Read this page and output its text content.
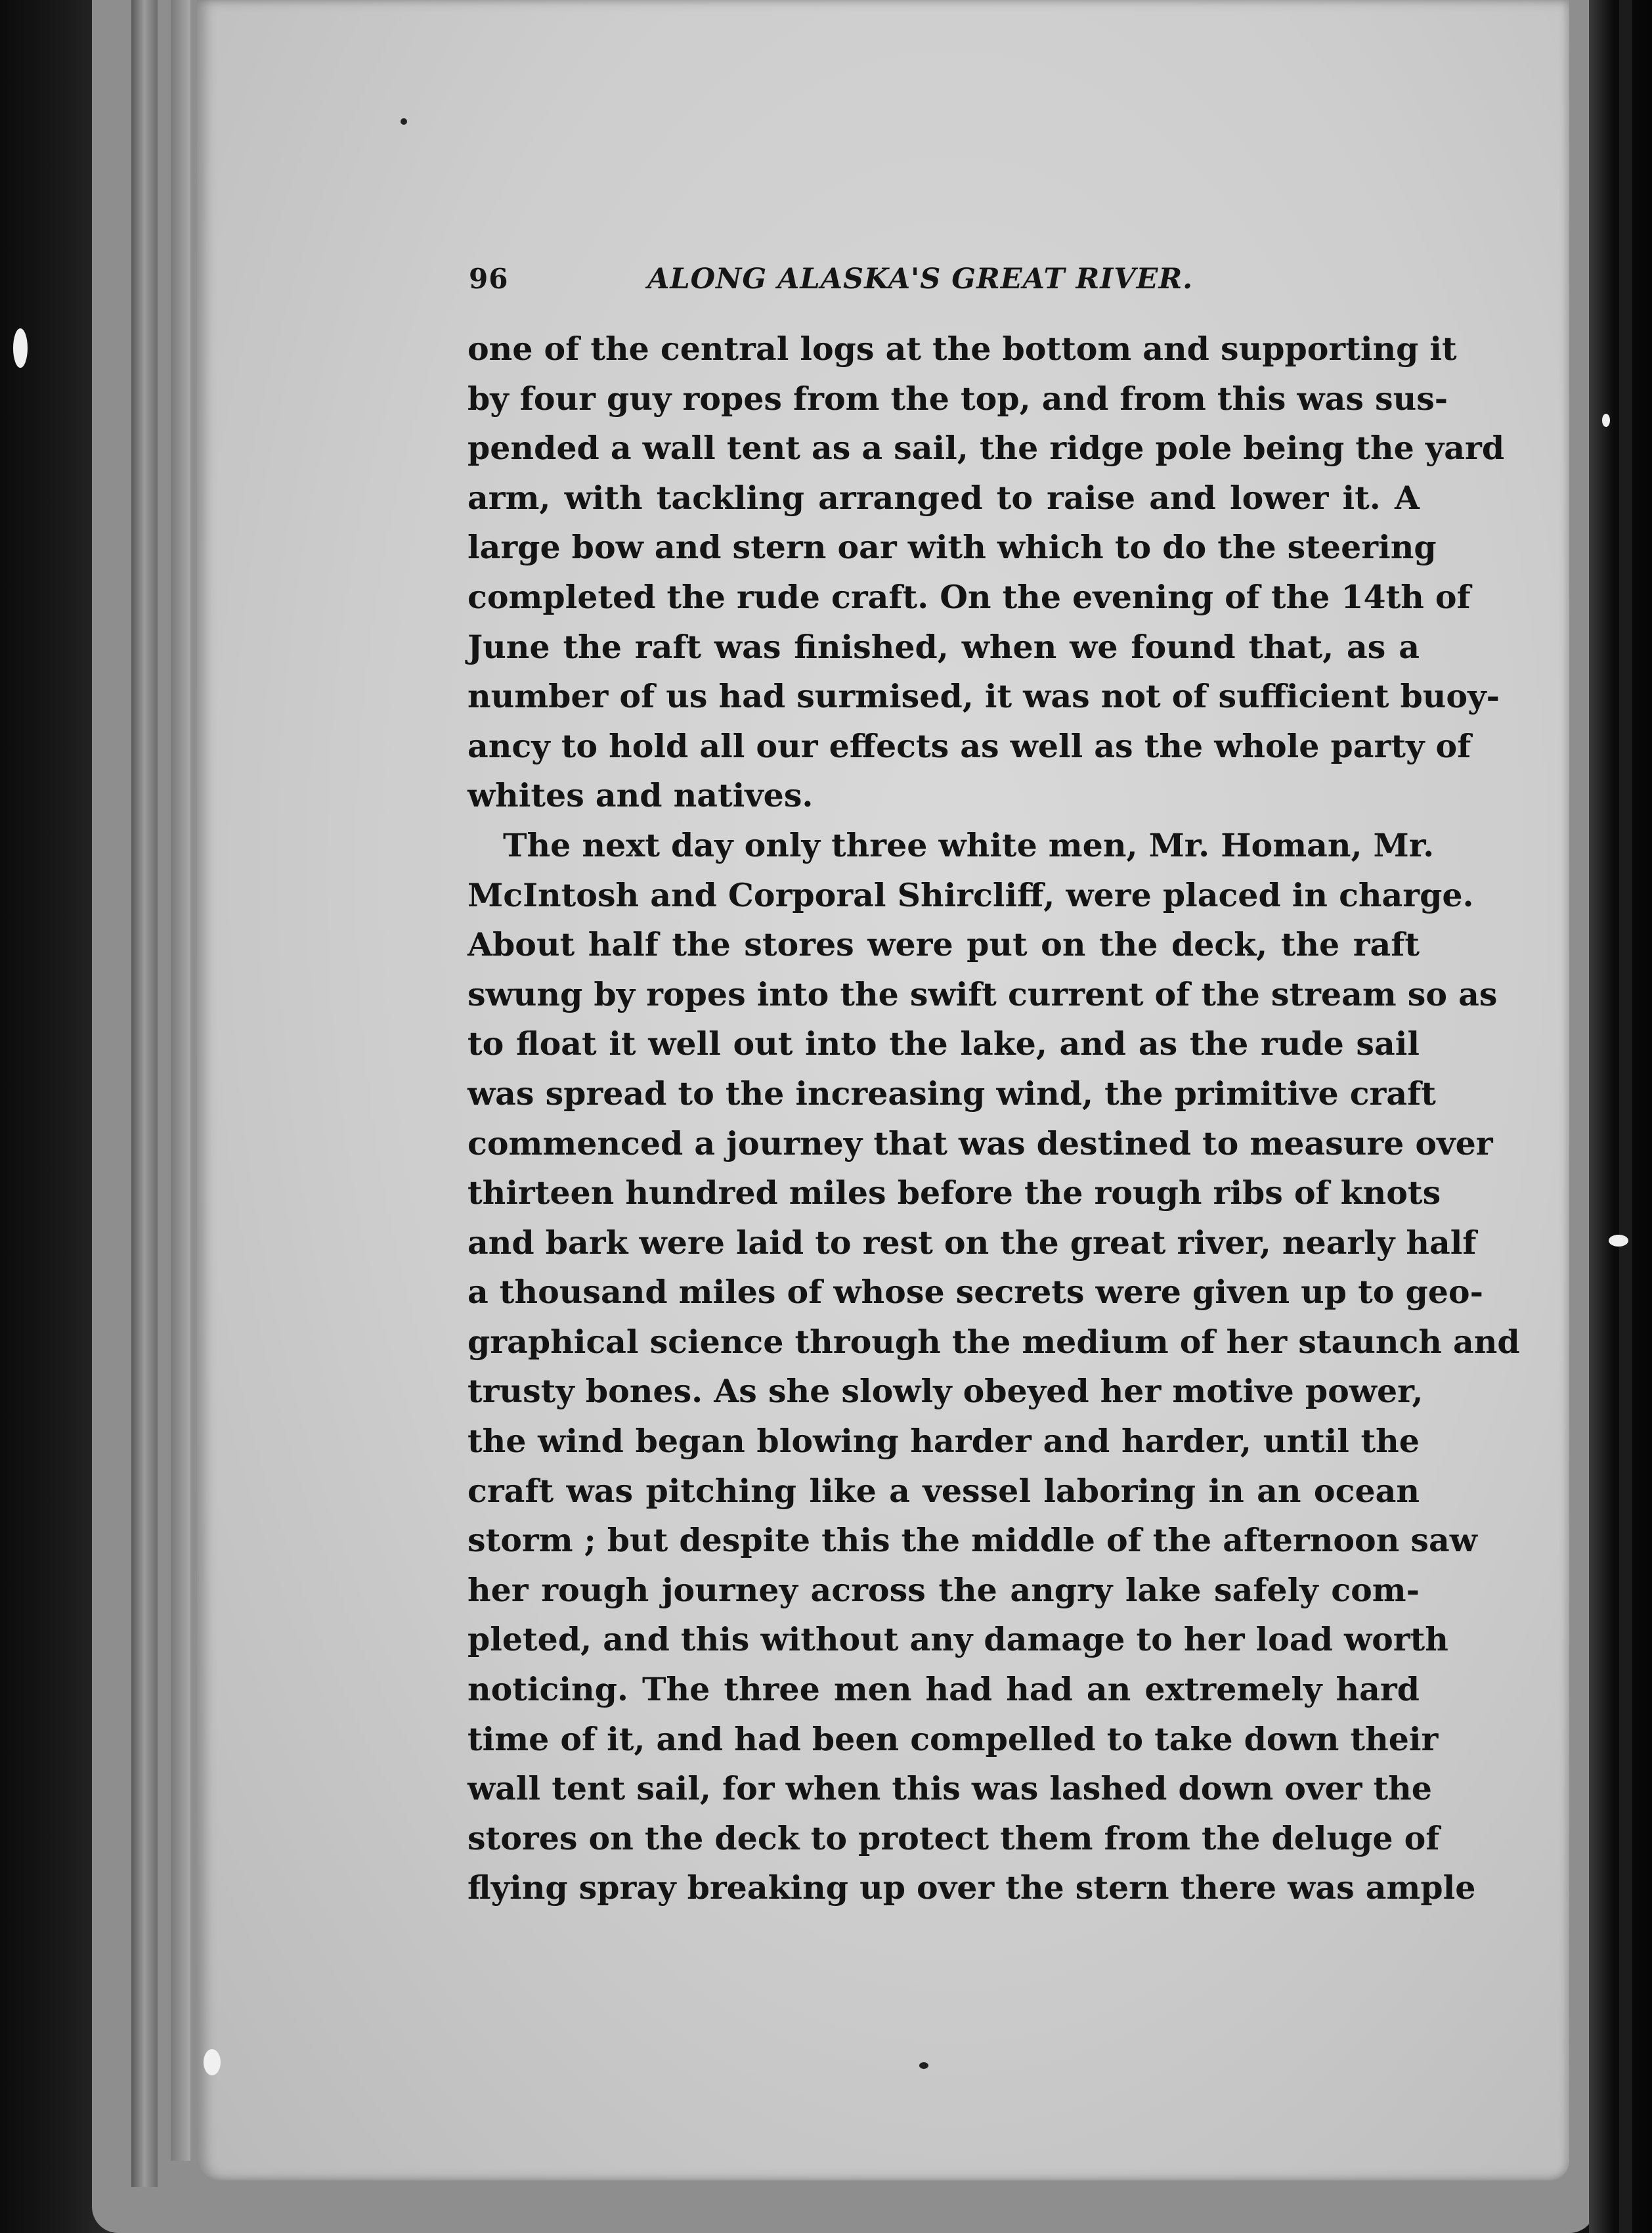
96	ALONG ALASKA'S GREAT RIVER.
one of the central logs at the bottom and supporting it
by four guy ropes from the top, and from this was sus-
pended a wall tent as a sail, the ridge pole being the yard
arm, with tackling arranged to raise and lower it. A
large bow and stern oar with which to do the steering
completed the rude craft. On the evening of the 14th of
June the raft was finished, when we found that, as a
number of us had surmised, it was not of sufficient buoy-
ancy to hold all our effects as well as the whole party of
whites and natives.
The next day only three white men, Mr. Homan, Mr.
McIntosh and Corporal Shircliff, were placed in charge.
About half the stores were put on the deck, the raft
swung by ropes into the swift current of the stream so as
to float it well out into the lake, and as the rude sail
was spread to the increasing wind, the primitive craft
commenced a journey that was destined to measure over
thirteen hundred miles before the rough ribs of knots
and bark were laid to rest on the great river, nearly half
a thousand miles of whose secrets were given up to geo-
graphical science through the medium of her staunch and
trusty bones. As she slowly obeyed her motive power,
the wind began blowing harder and harder, until the
craft was pitching like a vessel laboring in an ocean
storm ; but despite this the middle of the afternoon saw
her rough journey across the angry lake safely com-
pleted, and this without any damage to her load worth
noticing. The three men had had an extremely hard
time of it, and had been compelled to take down their
wall tent sail, for when this was lashed down over the
stores on the deck to protect them from the deluge of
flying spray breaking up over the stern there was ample
